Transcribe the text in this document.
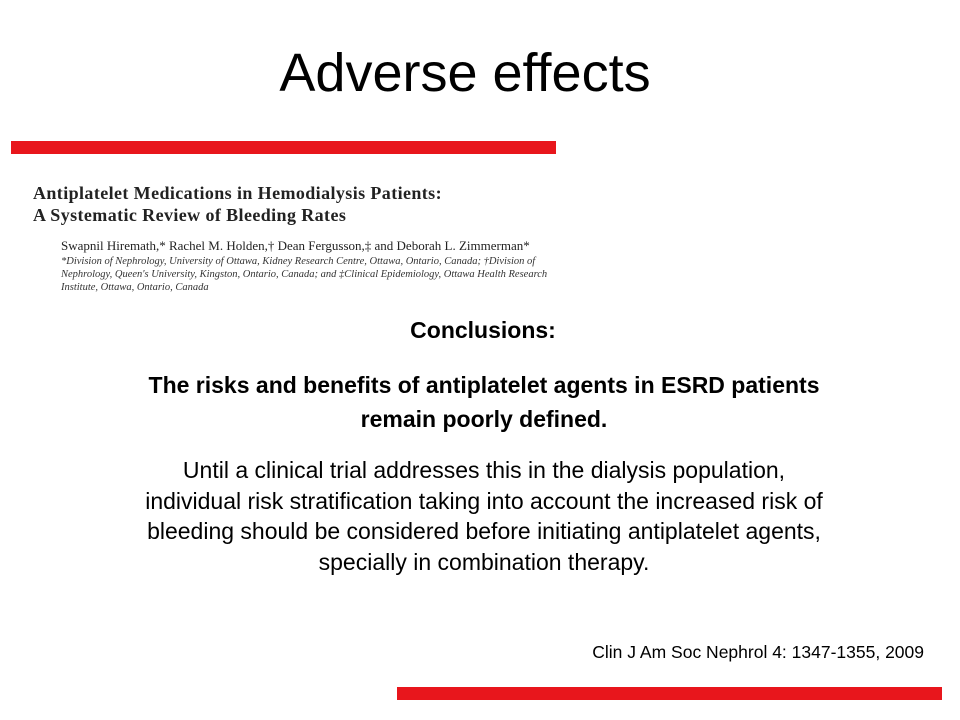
Adverse effects
Antiplatelet Medications in Hemodialysis Patients:
A Systematic Review of Bleeding Rates
Swapnil Hiremath,* Rachel M. Holden,† Dean Fergusson,‡ and Deborah L. Zimmerman*
*Division of Nephrology, University of Ottawa, Kidney Research Centre, Ottawa, Ontario, Canada; †Division of
Nephrology, Queen's University, Kingston, Ontario, Canada; and ‡Clinical Epidemiology, Ottawa Health Research
Institute, Ottawa, Ontario, Canada
Conclusions:
The risks and benefits of antiplatelet agents in ESRD patients
remain poorly defined.
Until a clinical trial addresses this in the dialysis population,
individual risk stratification taking into account the increased risk of
bleeding should be considered before initiating antiplatelet agents,
specially in combination therapy.
Clin J Am Soc Nephrol 4: 1347-1355, 2009
